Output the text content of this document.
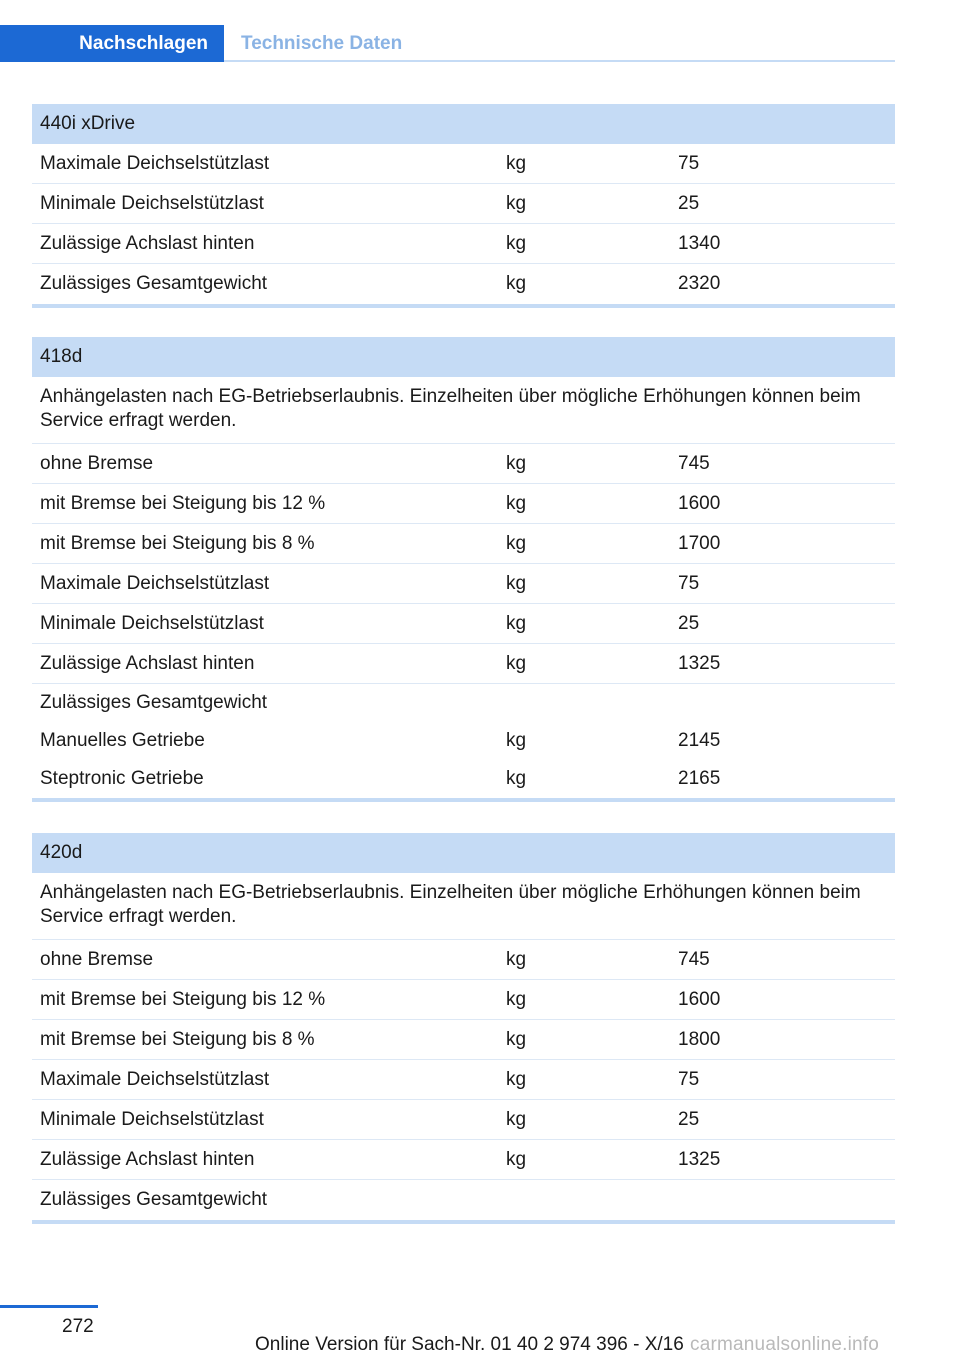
Nachschlagen Technische Daten
440i xDrive
Maximale Deichselstützlast	kg	75
Minimale Deichselstützlast	kg	25
Zulässige Achslast hinten	kg	1340
Zulässiges Gesamtgewicht	kg	2320
418d
Anhängelasten nach EG-Betriebserlaubnis. Einzelheiten über mögliche Erhöhungen können beim Service erfragt werden.
ohne Bremse	kg	745
mit Bremse bei Steigung bis 12 %	kg	1600
mit Bremse bei Steigung bis 8 %	kg	1700
Maximale Deichselstützlast	kg	75
Minimale Deichselstützlast	kg	25
Zulässige Achslast hinten	kg	1325
Zulässiges Gesamtgewicht
Manuelles Getriebe	kg	2145
Steptronic Getriebe	kg	2165
420d
Anhängelasten nach EG-Betriebserlaubnis. Einzelheiten über mögliche Erhöhungen können beim Service erfragt werden.
ohne Bremse	kg	745
mit Bremse bei Steigung bis 12 %	kg	1600
mit Bremse bei Steigung bis 8 %	kg	1800
Maximale Deichselstützlast	kg	75
Minimale Deichselstützlast	kg	25
Zulässige Achslast hinten	kg	1325
Zulässiges Gesamtgewicht
272
Online Version für Sach-Nr. 01 40 2 974 396 - X/16 carmanualsonline.info
